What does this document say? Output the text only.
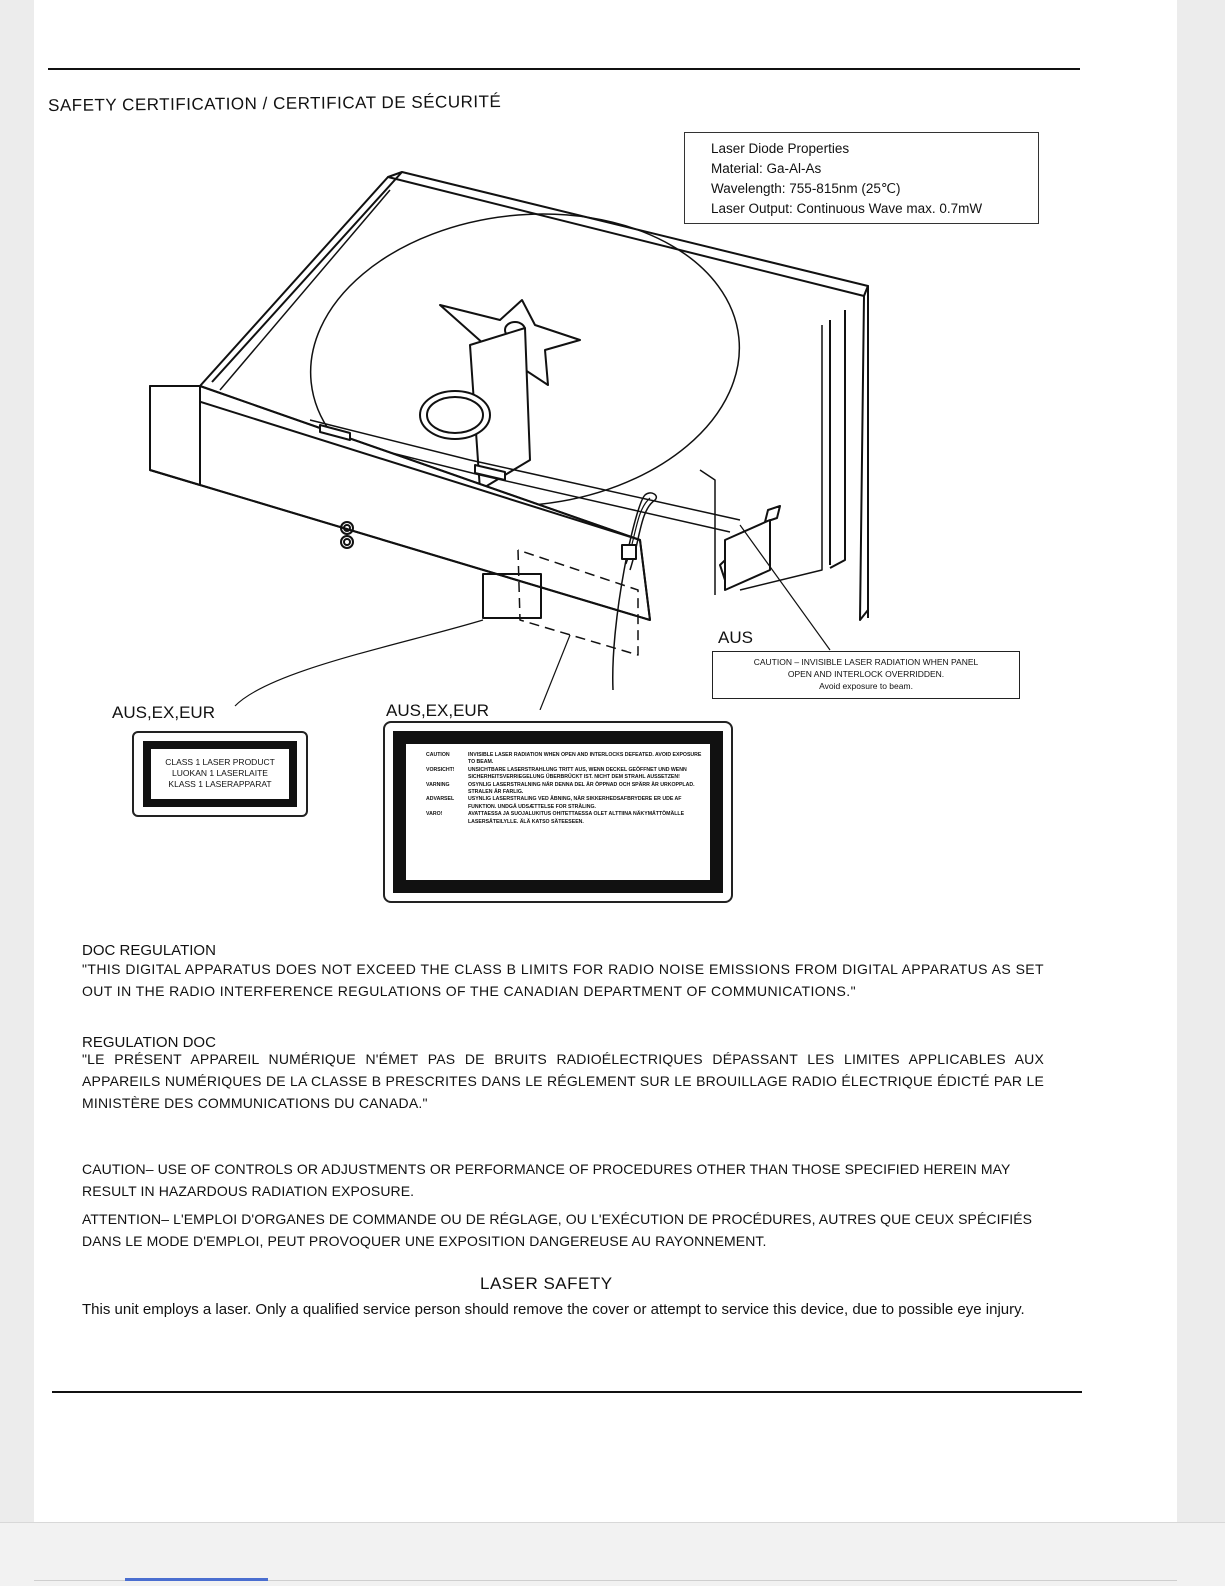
SAFETY CERTIFICATION / CERTIFICAT DE SÉCURITÉ
Laser Diode Properties
Material: Ga-Al-As
Wavelength: 755-815nm (25℃)
Laser Output: Continuous Wave max. 0.7mW
AUS
CAUTION – INVISIBLE LASER RADIATION WHEN PANEL
OPEN AND INTERLOCK OVERRIDDEN.
Avoid exposure to beam.
AUS,EX,EUR	AUS,EX,EUR
CLASS 1 LASER PRODUCT
LUOKAN 1 LASERLAITE
KLASS 1 LASERAPPARAT
CAUTION	INVISIBLE LASER RADIATION WHEN OPEN AND INTERLOCKS DEFEATED. AVOID EXPOSURE TO BEAM.
VORSICHT!	UNSICHTBARE LASERSTRAHLUNG TRITT AUS, WENN DECKEL GEÖFFNET UND WENN SICHERHEITSVERRIEGELUNG ÜBERBRÜCKT IST. NICHT DEM STRAHL AUSSETZEN!
VARNING	OSYNLIG LASERSTRALNING NÄR DENNA DEL ÄR ÖPPNAD OCH SPÄRR ÄR URKOPPLAD. STRALEN ÄR FARLIG.
ADVARSEL	USYNLIG LASERSTRALING VED ÅBNING, NÅR SIKKERHEDSAFBRYDERE ER UDE AF FUNKTION. UNDGÅ UDSÆTTELSE FOR STRÅLING.
VARO!	AVATTAESSA JA SUOJALUKITUS OHITETTAESSA OLET ALTTIINA NÄKYMÄTTÖMÄLLE LASERSÄTEILYLLE. ÄLÄ KATSO SÄTEESEEN.
DOC REGULATION
"THIS DIGITAL APPARATUS DOES NOT EXCEED THE CLASS B LIMITS FOR RADIO NOISE EMISSIONS FROM DIGITAL APPARATUS AS SET OUT IN THE RADIO INTERFERENCE REGULATIONS OF THE CANADIAN DEPARTMENT OF COMMUNICATIONS."
REGULATION DOC
"LE PRÉSENT APPAREIL NUMÉRIQUE N'ÉMET PAS DE BRUITS RADIOÉLECTRIQUES DÉPASSANT LES LIMITES APPLICABLES AUX APPAREILS NUMÉRIQUES DE LA CLASSE B PRESCRITES DANS LE RÉGLEMENT SUR LE BROUILLAGE RADIO ÉLECTRIQUE ÉDICTÉ PAR LE MINISTÈRE DES COMMUNICATIONS DU CANADA."
CAUTION– USE OF CONTROLS OR ADJUSTMENTS OR PERFORMANCE OF PROCEDURES OTHER THAN THOSE SPECIFIED HEREIN MAY RESULT IN HAZARDOUS RADIATION EXPOSURE.
ATTENTION– L'EMPLOI D'ORGANES DE COMMANDE OU DE RÉGLAGE, OU L'EXÉCUTION DE PROCÉDURES, AUTRES QUE CEUX SPÉCIFIÉS DANS LE MODE D'EMPLOI, PEUT PROVOQUER UNE EXPOSITION DANGEREUSE AU RAYONNEMENT.
LASER SAFETY
This unit employs a laser. Only a qualified service person should remove the cover or attempt to service this device, due to possible eye injury.
